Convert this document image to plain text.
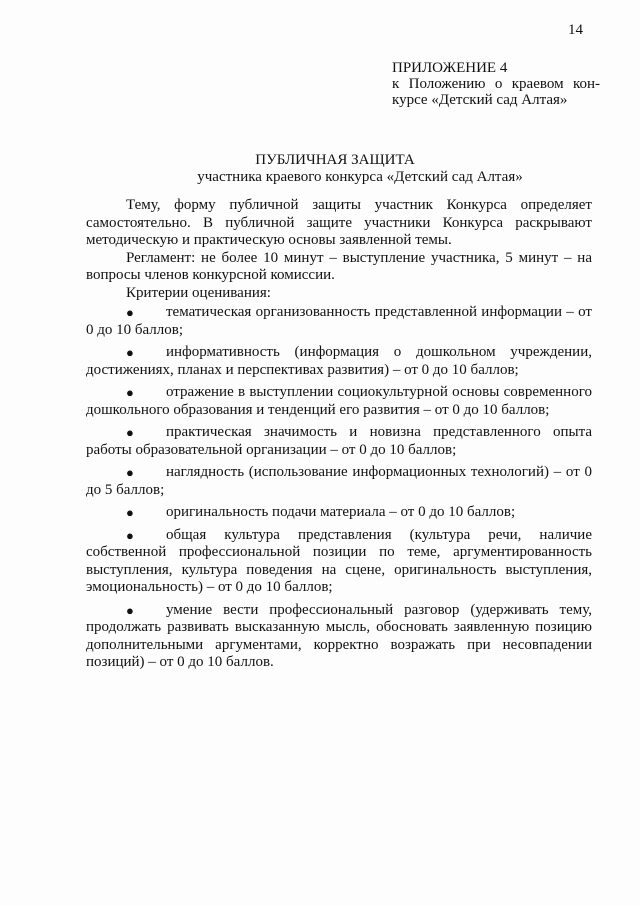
14
ПРИЛОЖЕНИЕ 4
к Положению о краевом кон-
курсе «Детский сад Алтая»
ПУБЛИЧНАЯ ЗАЩИТА
участника краевого конкурса «Детский сад Алтая»

Тему, форму публичной защиты участник Конкурса определяет самостоятельно. В публичной защите участники Конкурса раскрывают методическую и практическую основы заявленной темы.

Регламент: не более 10 минут – выступление участника, 5 минут – на вопросы членов конкурсной комиссии.

Критерии оценивания:

● тематическая организованность представленной информации – от 0 до 10 баллов;

● информативность (информация о дошкольном учреждении, достижениях, планах и перспективах развития) – от 0 до 10 баллов;

● отражение в выступлении социокультурной основы современного дошкольного образования и тенденций его развития – от 0 до 10 баллов;

● практическая значимость и новизна представленного опыта работы образовательной организации – от 0 до 10 баллов;

● наглядность (использование информационных технологий) – от 0 до 5 баллов;

● оригинальность подачи материала – от 0 до 10 баллов;

● общая культура представления (культура речи, наличие собственной профессиональной позиции по теме, аргументированность выступления, культура поведения на сцене, оригинальность выступления, эмоциональность) – от 0 до 10 баллов;

● умение вести профессиональный разговор (удерживать тему, продолжать развивать высказанную мысль, обосновать заявленную позицию дополнительными аргументами, корректно возражать при несовпадении позиций) – от 0 до 10 баллов.
